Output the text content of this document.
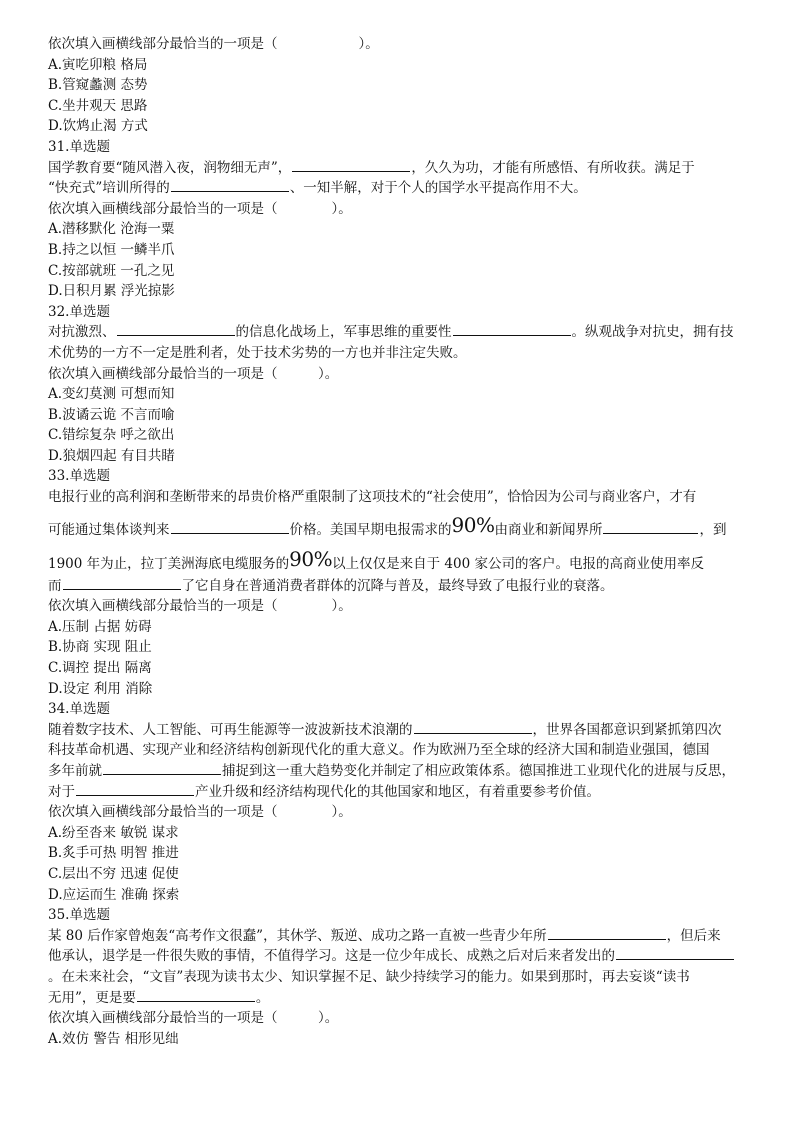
依次填入画横线部分最恰当的一项是（　　　　　　）。
A.寅吃卯粮 格局
B.管窥蠡测 态势
C.坐井观天 思路
D.饮鸩止渴 方式
31.单选题
国学教育要“随风潜入夜，润物细无声”，	，久久为功，才能有所感悟、有所收获。满足于
“快充式”培训所得的	、一知半解，对于个人的国学水平提高作用不大。
依次填入画横线部分最恰当的一项是（　　　　）。
A.潜移默化 沧海一粟
B.持之以恒 一鳞半爪
C.按部就班 一孔之见
D.日积月累 浮光掠影
32.单选题
对抗激烈、	的信息化战场上，军事思维的重要性	。纵观战争对抗史，拥有技
术优势的一方不一定是胜利者，处于技术劣势的一方也并非注定失败。
依次填入画横线部分最恰当的一项是（　　　）。
A.变幻莫测 可想而知
B.波谲云诡 不言而喻
C.错综复杂 呼之欲出
D.狼烟四起 有目共睹
33.单选题
电报行业的高利润和垄断带来的昂贵价格严重限制了这项技术的“社会使用”，恰恰因为公司与商业客户，才有
可能通过集体谈判来	价格。美国早期电报需求的90%由商业和新闻界所	，到
1900 年为止，拉丁美洲海底电缆服务的90%以上仅仅是来自于 400 家公司的客户。电报的高商业使用率反
而	了它自身在普通消费者群体的沉降与普及，最终导致了电报行业的衰落。
依次填入画横线部分最恰当的一项是（　　　　）。
A.压制 占据 妨碍
B.协商 实现 阻止
C.调控 提出 隔离
D.设定 利用 消除
34.单选题
随着数字技术、人工智能、可再生能源等一波波新技术浪潮的	，世界各国都意识到紧抓第四次
科技革命机遇、实现产业和经济结构创新现代化的重大意义。作为欧洲乃至全球的经济大国和制造业强国，德国
多年前就	捕捉到这一重大趋势变化并制定了相应政策体系。德国推进工业现代化的进展与反思，
对于	产业升级和经济结构现代化的其他国家和地区，有着重要参考价值。
依次填入画横线部分最恰当的一项是（　　　　）。
A.纷至沓来 敏锐 谋求
B.炙手可热 明智 推进
C.层出不穷 迅速 促使
D.应运而生 准确 探索
35.单选题
某 80 后作家曾炮轰“高考作文很蠢”，其休学、叛逆、成功之路一直被一些青少年所	，但后来
他承认，退学是一件很失败的事情，不值得学习。这是一位少年成长、成熟之后对后来者发出的
。在未来社会，“文盲”表现为读书太少、知识掌握不足、缺少持续学习的能力。如果到那时，再去妄谈“读书
无用”，更是要	。
依次填入画横线部分最恰当的一项是（　　　）。
A.效仿 警告 相形见绌
